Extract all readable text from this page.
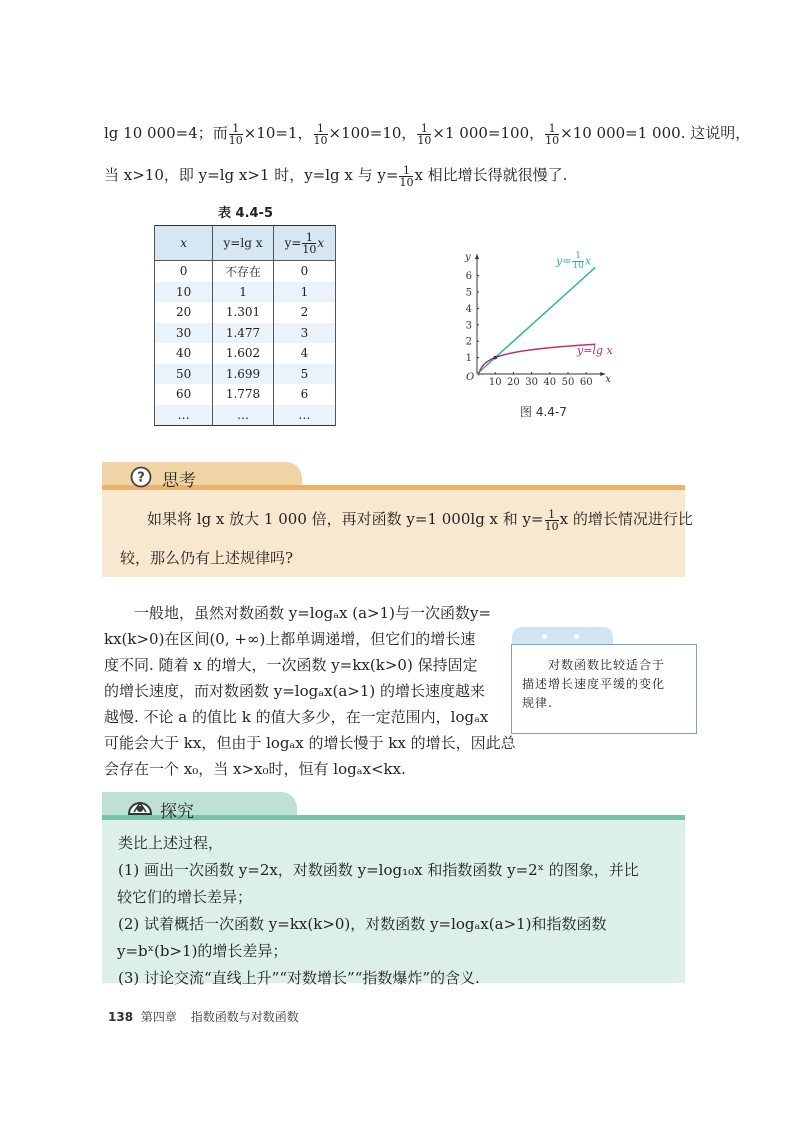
lg 10 000=4；而 $\frac{1}{10} \times 10=1$， $\frac{1}{10} \times 100=10$， $\frac{1}{10} \times 1$ 000=100， $\frac{1}{10} \times 10$ 000=1 000. 这说明，
当 x>10，即 y=lg x>1 时，y=lg x 与 $y= \frac{1}{10}$ x 相比增长得就很慢了.
表 4.4-5
x	y=lg x	$y= \frac{1}{10}$ x
0	不存在	0
10	1	1
20	1.301	2
30	1.477	3
40	1.602	4
50	1.699	5
60	1.778	6
…	…	…
x
y
O 10 20 30 40 50 60
1
2
3
4
5
6
$y= \frac{1}{10}$ x
y=lg x
图 4.4-7
? 思考
如果将 lg x 放大 1 000 倍，再对函数 y=1 000lg x 和 $y= \frac{1}{10}$ x 的增长情况进行比
较，那么仍有上述规律吗?
一般地，虽然对数函数 y=logₐx (a>1)与一次函数y=
kx(k>0)在区间(0, +∞)上都单调递增，但它们的增长速
度不同. 随着 x 的增大，一次函数 y=kx(k>0) 保持固定
的增长速度，而对数函数 y=logₐx(a>1) 的增长速度越来
越慢. 不论 a 的值比 k 的值大多少，在一定范围内，logₐx
可能会大于 kx，但由于 logₐx 的增长慢于 kx 的增长，因此总
会存在一个 x₀，当 x>x₀时，恒有 logₐx<kx.
对数函数比较适合于
描述增长速度平缓的变化
规律.
探究
类比上述过程，
(1) 画出一次函数 y=2x，对数函数 y=log₁₀x 和指数函数 y=2ˣ 的图象，并比
较它们的增长差异；
(2) 试着概括一次函数 y=kx(k>0)，对数函数 y=logₐx(a>1)和指数函数
y=bˣ(b>1)的增长差异；
(3) 讨论交流“直线上升”“对数增长”“指数爆炸”的含义.
138 第四章 指数函数与对数函数
